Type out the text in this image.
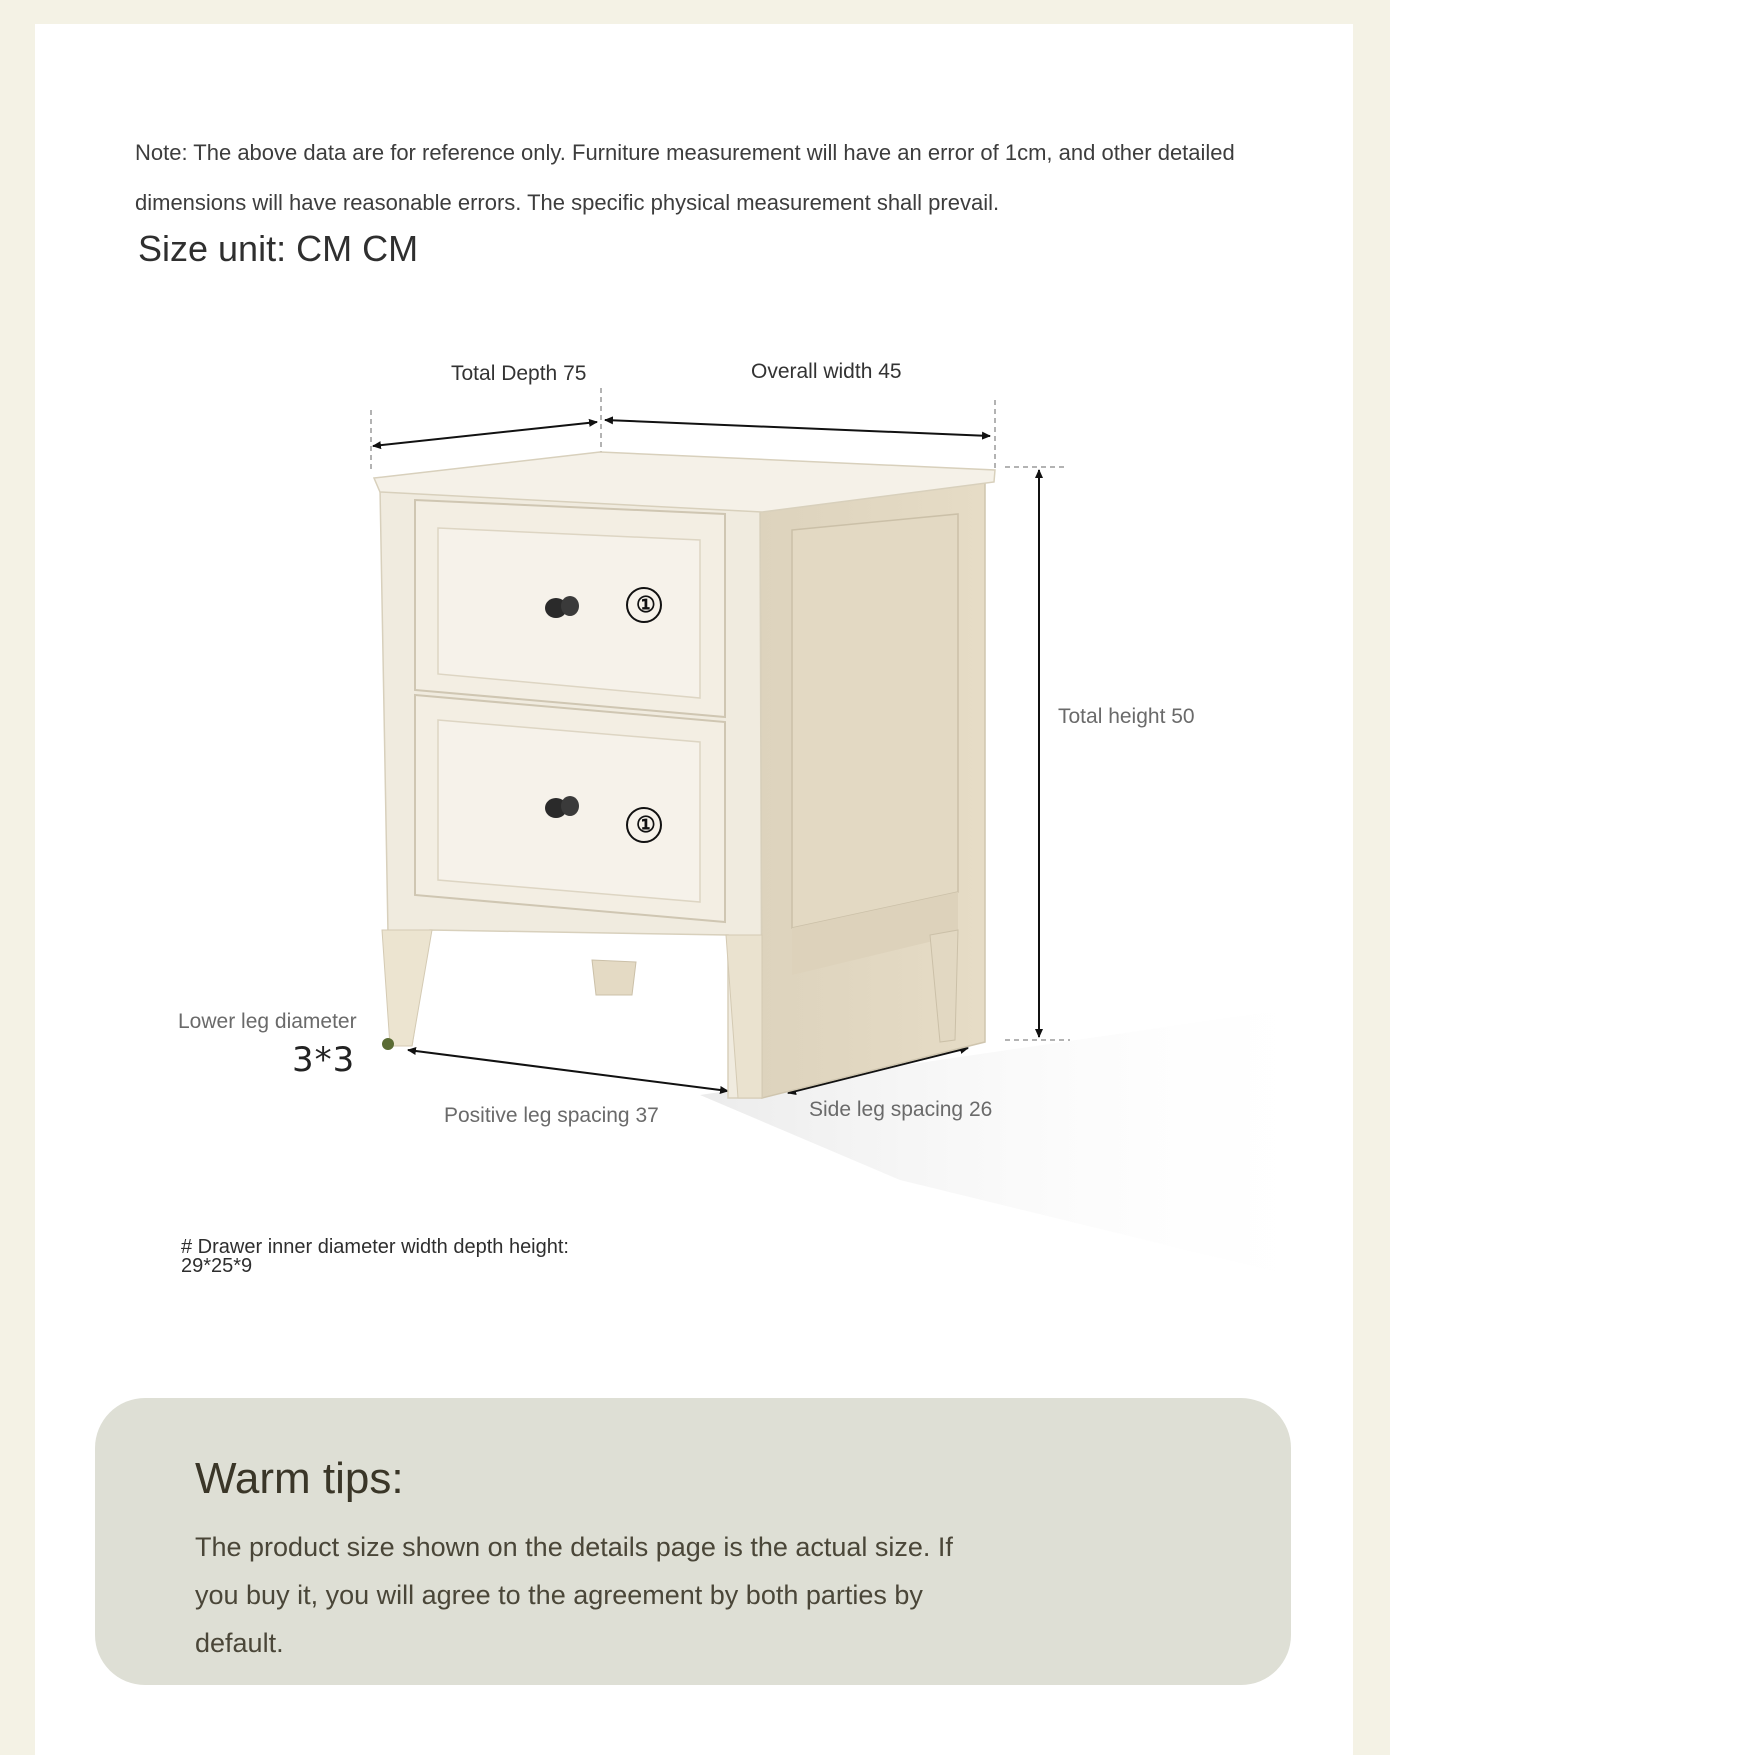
Note: The above data are for reference only. Furniture measurement will have an error of 1cm, and other detailed dimensions will have reasonable errors. The specific physical measurement shall prevail.
Size unit: CM CM
①
①
Total Depth 75	Overall width 45
Total height 50
Lower leg diameter
3*3
Positive leg spacing 37	Side leg spacing 26
# Drawer inner diameter width depth height:
29*25*9
Warm tips:
The product size shown on the details page is the actual size. If you buy it, you will agree to the agreement by both parties by default.
